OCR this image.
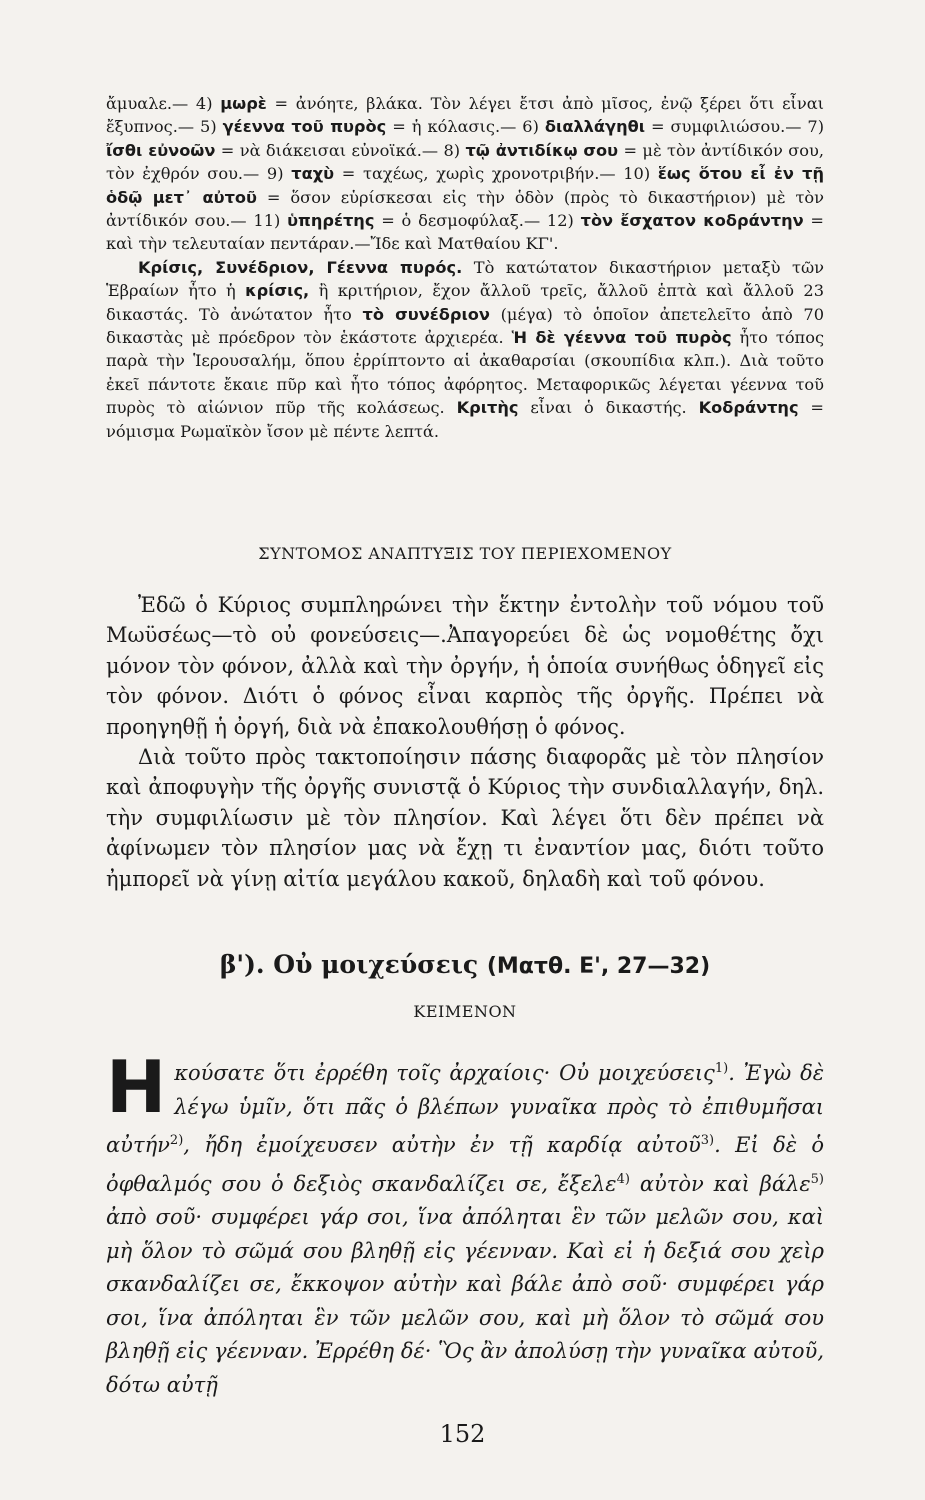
ἄμυαλε.— 4) μωρὲ = ἀνόητε, βλάκα. Τὸν λέγει ἔτσι ἀπὸ μῖσος, ἐνῷ ξέρει ὅτι εἶναι ἔξυπνος.— 5) γέεννα τοῦ πυρὸς = ἡ κόλασις.— 6) διαλλάγηθι = συμφιλιώσου.— 7) ἴσθι εὐνοῶν = νὰ διάκεισαι εὐνοϊκά.— 8) τῷ ἀντιδίκῳ σου = μὲ τὸν ἀντίδικόν σου, τὸν ἐχθρόν σου.— 9) ταχὺ = ταχέως, χωρὶς χρονοτριβήν.— 10) ἕως ὅτου εἶ ἐν τῇ ὁδῷ μετ᾽ αὐτοῦ = ὅσον εὑρίσκεσαι εἰς τὴν ὁδὸν (πρὸς τὸ δικαστήριον) μὲ τὸν ἀντίδικόν σου.— 11) ὑπηρέτης = ὁ δεσμοφύλαξ.— 12) τὸν ἔσχατον κοδράντην = καὶ τὴν τελευταίαν πεντάραν.—Ἴδε καὶ Ματθαίου ΚΓ'.

Κρίσις, Συνέδριον, Γέεννα πυρός. Τὸ κατώτατον δικαστήριον μεταξὺ τῶν Ἑβραίων ἦτο ἡ κρίσις, ἢ κριτήριον, ἔχον ἄλλοῦ τρεῖς, ἄλλοῦ ἑπτὰ καὶ ἄλλοῦ 23 δικαστάς. Τὸ ἀνώτατον ἦτο τὸ συνέδριον (μέγα) τὸ ὁποῖον ἀπετελεῖτο ἀπὸ 70 δικαστὰς μὲ πρόεδρον τὸν ἑκάστοτε ἀρχιερέα. Ἡ δὲ γέεννα τοῦ πυρὸς ἦτο τόπος παρὰ τὴν Ἱερουσαλήμ, ὅπου ἐρρίπτοντο αἱ ἀκαθαρσίαι (σκουπίδια κλπ.). Διὰ τοῦτο ἐκεῖ πάντοτε ἔκαιε πῦρ καὶ ἦτο τόπος ἀφόρητος. Μεταφορικῶς λέγεται γέεννα τοῦ πυρὸς τὸ αἰώνιον πῦρ τῆς κολάσεως. Κριτὴς εἶναι ὁ δικαστής. Κοδράντης = νόμισμα Ρωμαϊκὸν ἴσον μὲ πέντε λεπτά.

ΣΥΝΤΟΜΟΣ ΑΝΑΠΤΥΞΙΣ ΤΟΥ ΠΕΡΙΕΧΟΜΕΝΟΥ

Ἐδῶ ὁ Κύριος συμπληρώνει τὴν ἕκτην ἐντολὴν τοῦ νόμου τοῦ Μωϋσέως—τὸ οὐ φονεύσεις—.Ἀπαγορεύει δὲ ὡς νομοθέτης ὄχι μόνον τὸν φόνον, ἀλλὰ καὶ τὴν ὀργήν, ἡ ὁποία συνήθως ὁδηγεῖ εἰς τὸν φόνον. Διότι ὁ φόνος εἶναι καρπὸς τῆς ὀργῆς. Πρέπει νὰ προηγηθῇ ἡ ὀργή, διὰ νὰ ἐπακολουθήσῃ ὁ φόνος.

Διὰ τοῦτο πρὸς τακτοποίησιν πάσης διαφορᾶς μὲ τὸν πλησίον καὶ ἀποφυγὴν τῆς ὀργῆς συνιστᾷ ὁ Κύριος τὴν συνδιαλλαγήν, δηλ. τὴν συμφιλίωσιν μὲ τὸν πλησίον. Καὶ λέγει ὅτι δὲν πρέπει νὰ ἀφίνωμεν τὸν πλησίον μας νὰ ἔχῃ τι ἐναντίον μας, διότι τοῦτο ἠμπορεῖ νὰ γίνῃ αἰτία μεγάλου κακοῦ, δηλαδὴ καὶ τοῦ φόνου.

β'). Οὐ μοιχεύσεις (Ματθ. Ε', 27—32)
ΚΕΙΜΕΝΟΝ
Η κούσατε ὅτι ἐρρέθη τοῖς ἀρχαίοις· Οὐ μοιχεύσεις$^{1)}$. Ἐγὼ δὲ λέγω ὑμῖν, ὅτι πᾶς ὁ βλέπων γυναῖκα πρὸς τὸ ἐπιθυμῆσαι αὐτήν$^{2)}$, ἤδη ἐμοίχευσεν αὐτὴν ἐν τῇ καρδίᾳ αὐτοῦ$^{3)}$. Εἰ δὲ ὁ ὀφθαλμός σου ὁ δεξιὸς σκανδαλίζει σε, ἔξελε$^{4)}$ αὐτὸν καὶ βάλε$^{5)}$ ἀπὸ σοῦ· συμφέρει γάρ σοι, ἵνα ἀπόληται ἓν τῶν μελῶν σου, καὶ μὴ ὅλον τὸ σῶμά σου βληθῇ εἰς γέενναν. Καὶ εἰ ἡ δεξιά σου χεὶρ σκανδαλίζει σε, ἔκκοψον αὐτὴν καὶ βάλε ἀπὸ σοῦ· συμφέρει γάρ σοι, ἵνα ἀπόληται ἓν τῶν μελῶν σου, καὶ μὴ ὅλον τὸ σῶμά σου βληθῇ εἰς γέενναν. Ἐρρέθη δέ· Ὃς ἂν ἀπολύσῃ τὴν γυναῖκα αὐτοῦ, δότω αὐτῇ
152
